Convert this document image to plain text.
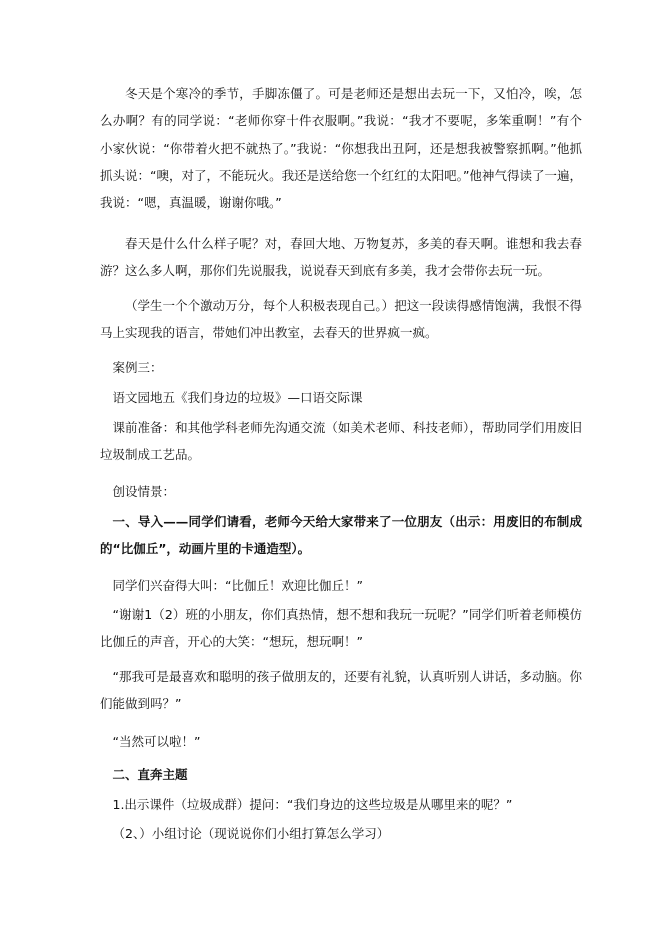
冬天是个寒冷的季节，手脚冻僵了。可是老师还是想出去玩一下，又怕冷，唉，怎么办啊？有的同学说：“老师你穿十件衣服啊。”我说：“我才不要呢，多笨重啊！”有个小家伙说：“你带着火把不就热了。”我说：“你想我出丑阿，还是想我被警察抓啊。”他抓抓头说：“噢，对了，不能玩火。我还是送给您一个红红的太阳吧。”他神气得读了一遍，我说：“嗯，真温暖，谢谢你哦。”

春天是什么什么样子呢？对，春回大地、万物复苏，多美的春天啊。谁想和我去春游？这么多人啊，那你们先说服我，说说春天到底有多美，我才会带你去玩一玩。

（学生一个个激动万分，每个人积极表现自己。）把这一段读得感情饱满，我恨不得马上实现我的语言，带她们冲出教室，去春天的世界疯一疯。

案例三：

语文园地五《我们身边的垃圾》—口语交际课

课前准备：和其他学科老师先沟通交流（如美术老师、科技老师），帮助同学们用废旧垃圾制成工艺品。

创设情景：

一、导入——同学们请看，老师今天给大家带来了一位朋友（出示：用废旧的布制成的“比伽丘”，动画片里的卡通造型）。

同学们兴奋得大叫：“比伽丘！欢迎比伽丘！”

“谢谢1（2）班的小朋友，你们真热情，想不想和我玩一玩呢？”同学们听着老师模仿比伽丘的声音，开心的大笑：“想玩，想玩啊！”

“那我可是最喜欢和聪明的孩子做朋友的，还要有礼貌，认真听别人讲话，多动脑。你们能做到吗？”

“当然可以啦！”

二、直奔主题

1.出示课件（垃圾成群）提问：“我们身边的这些垃圾是从哪里来的呢？”

（2、）小组讨论（现说说你们小组打算怎么学习）
